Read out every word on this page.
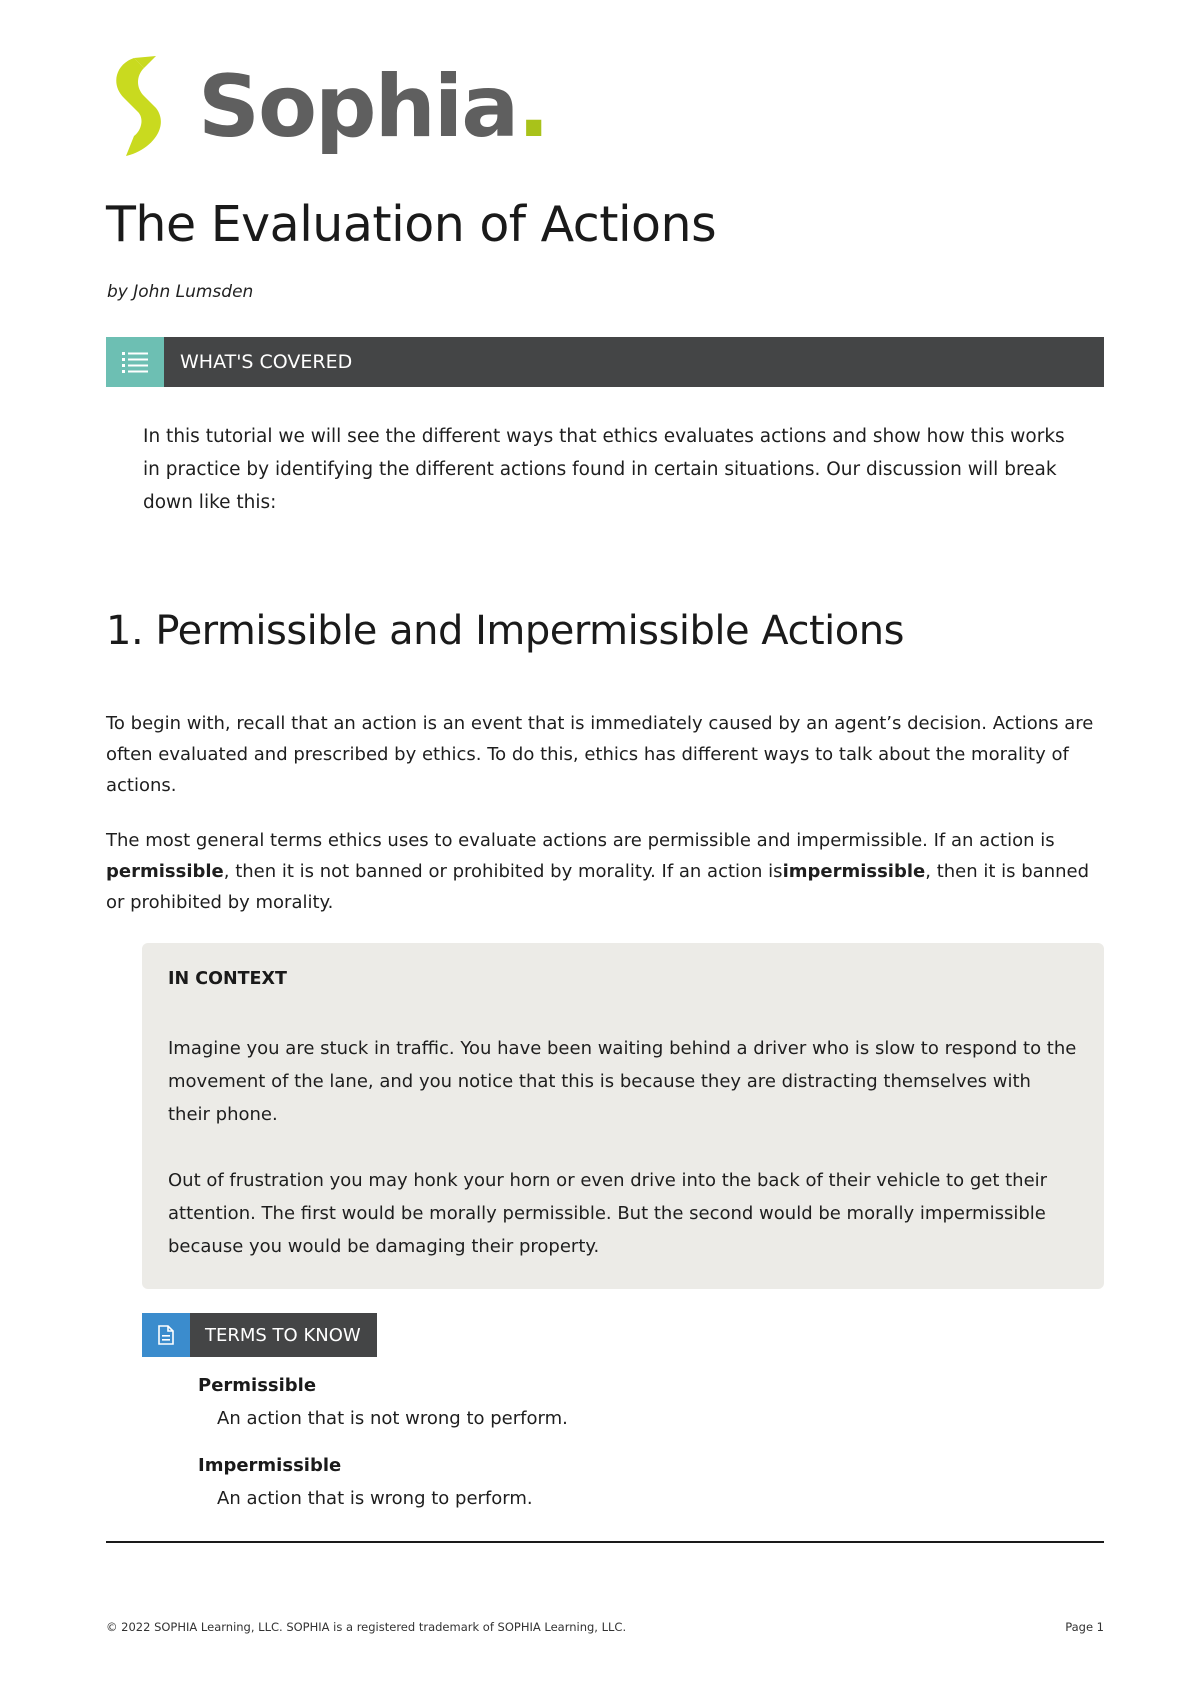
Sophia.
The Evaluation of Actions
by John Lumsden
WHAT'S COVERED

In this tutorial we will see the different ways that ethics evaluates actions and show how this works in practice by identifying the different actions found in certain situations. Our discussion will break down like this:

1. Permissible and Impermissible Actions

To begin with, recall that an action is an event that is immediately caused by an agent’s decision. Actions are often evaluated and prescribed by ethics. To do this, ethics has different ways to talk about the morality of actions.

The most general terms ethics uses to evaluate actions are permissible and impermissible. If an action is permissible, then it is not banned or prohibited by morality. If an action isimpermissible, then it is banned or prohibited by morality.

IN CONTEXT

Imagine you are stuck in traffic. You have been waiting behind a driver who is slow to respond to the movement of the lane, and you notice that this is because they are distracting themselves with their phone.

Out of frustration you may honk your horn or even drive into the back of their vehicle to get their attention. The first would be morally permissible. But the second would be morally impermissible because you would be damaging their property.

TERMS TO KNOW
Permissible
An action that is not wrong to perform.
Impermissible
An action that is wrong to perform.
© 2022 SOPHIA Learning, LLC. SOPHIA is a registered trademark of SOPHIA Learning, LLC.	Page 1
